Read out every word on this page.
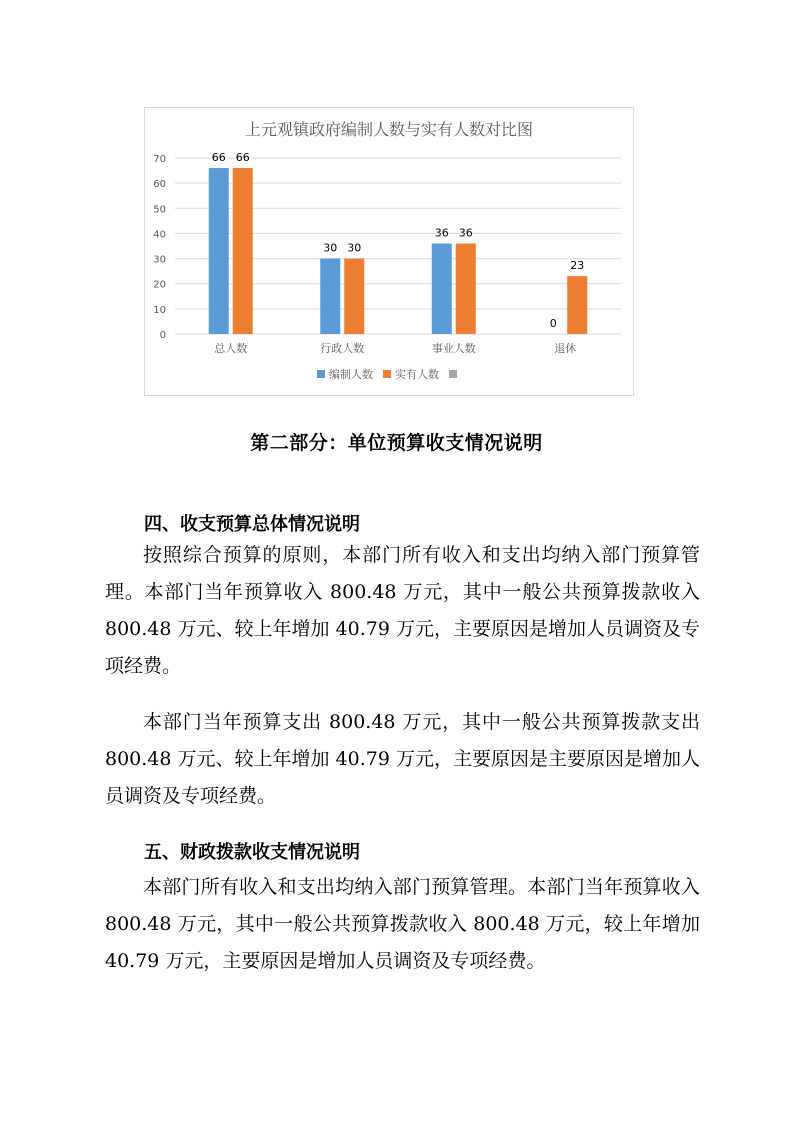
上元观镇政府编制人数与实有人数对比图
0
10
20
30
40
50
60
70	66 66
总人数
30 30
行政人数
36 36
事业人数
0
23
退休
编制人数 实有人数
第二部分：单位预算收支情况说明
四、收支预算总体情况说明

按照综合预算的原则，本部门所有收入和支出均纳入部门预算管理。本部门当年预算收入 800.48 万元，其中一般公共预算拨款收入 800.48 万元、较上年增加 40.79 万元，主要原因是增加人员调资及专项经费。

本部门当年预算支出 800.48 万元，其中一般公共预算拨款支出 800.48 万元、较上年增加 40.79 万元，主要原因是主要原因是增加人员调资及专项经费。

五、财政拨款收支情况说明

本部门所有收入和支出均纳入部门预算管理。本部门当年预算收入 800.48 万元，其中一般公共预算拨款收入 800.48 万元，较上年增加 40.79 万元，主要原因是增加人员调资及专项经费。
